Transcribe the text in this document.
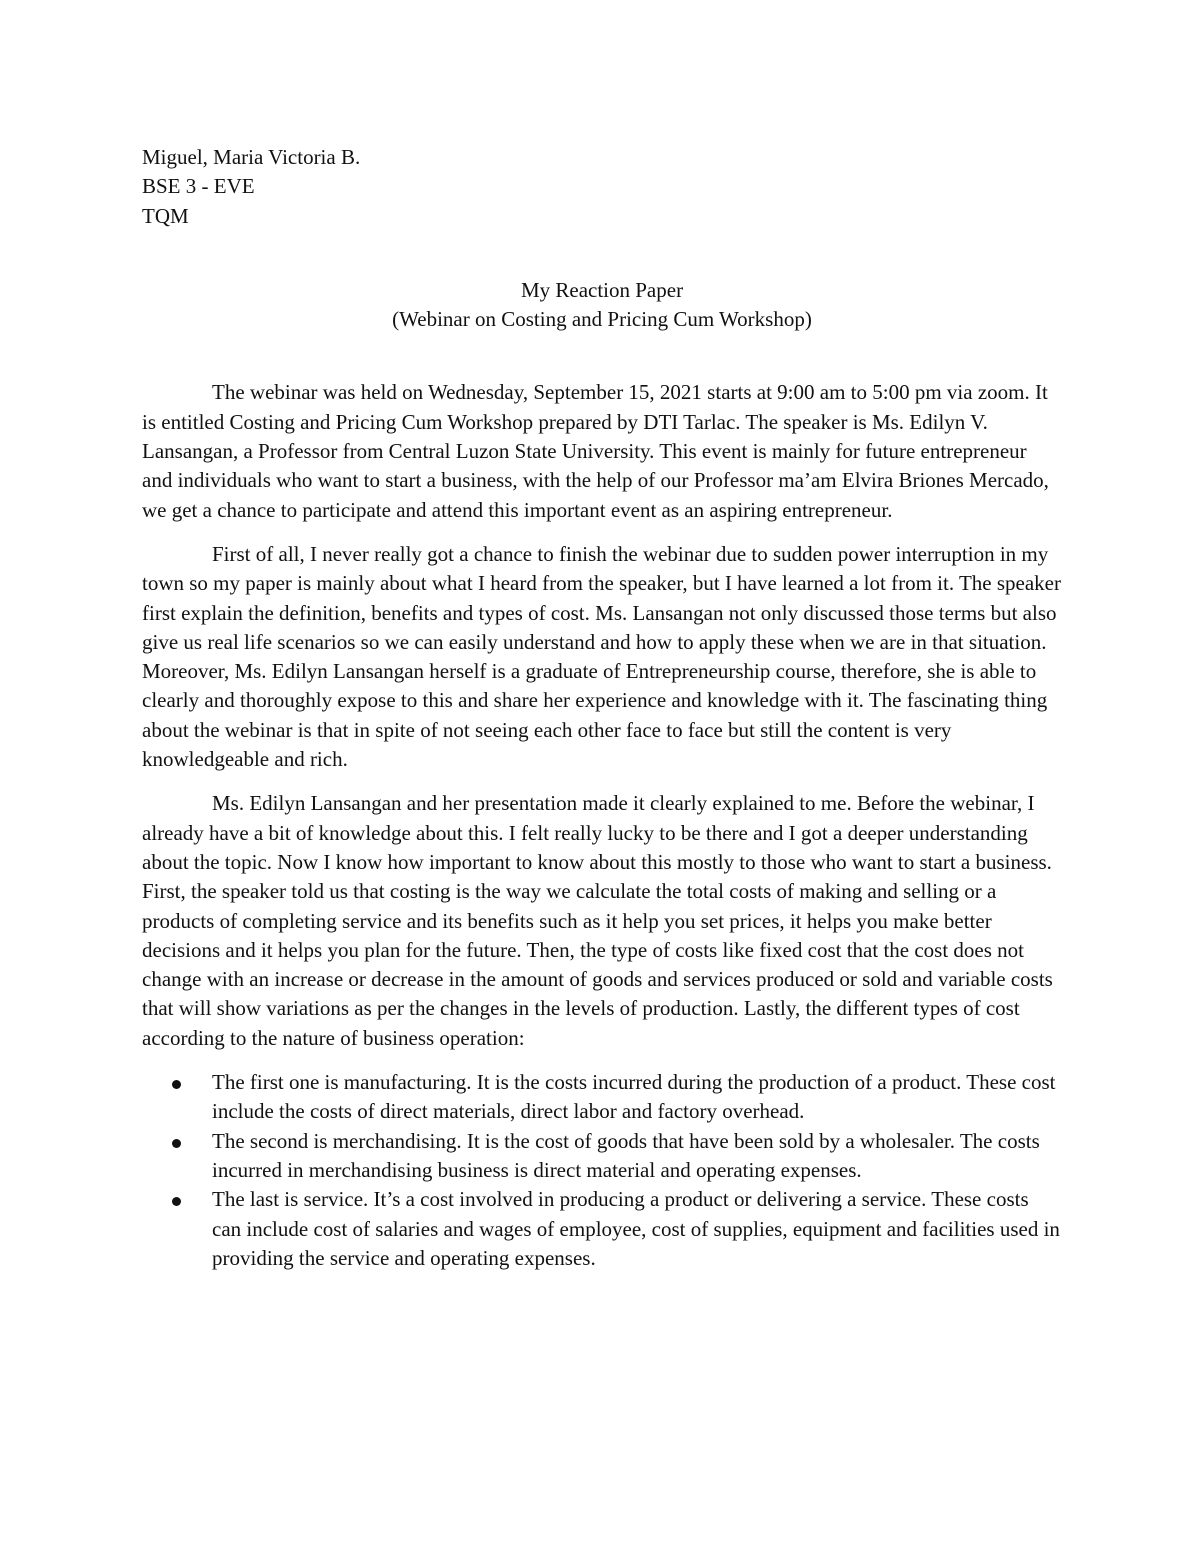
Miguel, Maria Victoria B.
BSE 3 - EVE
TQM
My Reaction Paper
(Webinar on Costing and Pricing Cum Workshop)

The webinar was held on Wednesday, September 15, 2021 starts at 9:00 am to 5:00 pm via zoom. It is entitled Costing and Pricing Cum Workshop prepared by DTI Tarlac. The speaker is Ms. Edilyn V. Lansangan, a Professor from Central Luzon State University. This event is mainly for future entrepreneur and individuals who want to start a business, with the help of our Professor ma’am Elvira Briones Mercado, we get a chance to participate and attend this important event as an aspiring entrepreneur.

First of all, I never really got a chance to finish the webinar due to sudden power interruption in my town so my paper is mainly about what I heard from the speaker, but I have learned a lot from it. The speaker first explain the definition, benefits and types of cost. Ms. Lansangan not only discussed those terms but also give us real life scenarios so we can easily understand and how to apply these when we are in that situation. Moreover, Ms. Edilyn Lansangan herself is a graduate of Entrepreneurship course, therefore, she is able to clearly and thoroughly expose to this and share her experience and knowledge with it. The fascinating thing about the webinar is that in spite of not seeing each other face to face but still the content is very knowledgeable and rich.

Ms. Edilyn Lansangan and her presentation made it clearly explained to me. Before the webinar, I already have a bit of knowledge about this. I felt really lucky to be there and I got a deeper understanding about the topic. Now I know how important to know about this mostly to those who want to start a business. First, the speaker told us that costing is the way we calculate the total costs of making and selling or a products of completing service and its benefits such as it help you set prices, it helps you make better decisions and it helps you plan for the future. Then, the type of costs like fixed cost that the cost does not change with an increase or decrease in the amount of goods and services produced or sold and variable costs that will show variations as per the changes in the levels of production. Lastly, the different types of cost according to the nature of business operation:

The first one is manufacturing. It is the costs incurred during the production of a product. These cost include the costs of direct materials, direct labor and factory overhead.
The second is merchandising. It is the cost of goods that have been sold by a wholesaler. The costs incurred in merchandising business is direct material and operating expenses.
The last is service. It’s a cost involved in producing a product or delivering a service. These costs can include cost of salaries and wages of employee, cost of supplies, equipment and facilities used in providing the service and operating expenses.
